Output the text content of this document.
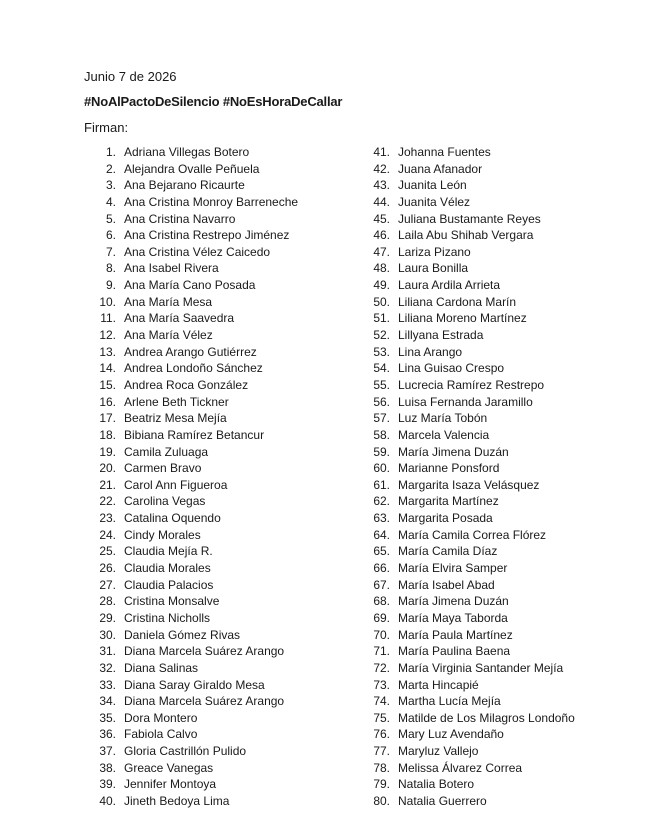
Junio 7 de 2026
#NoAlPactoDeSilencio #NoEsHoraDeCallar
Firman:
1. Adriana Villegas Botero
2. Alejandra Ovalle Peñuela
3. Ana Bejarano Ricaurte
4. Ana Cristina Monroy Barreneche
5. Ana Cristina Navarro
6. Ana Cristina Restrepo Jiménez
7. Ana Cristina Vélez Caicedo
8. Ana Isabel Rivera
9. Ana María Cano Posada
10. Ana María Mesa
11. Ana María Saavedra
12. Ana María Vélez
13. Andrea Arango Gutiérrez
14. Andrea Londoño Sánchez
15. Andrea Roca González
16. Arlene Beth Tickner
17. Beatriz Mesa Mejía
18. Bibiana Ramírez Betancur
19. Camila Zuluaga
20. Carmen Bravo
21. Carol Ann Figueroa
22. Carolina Vegas
23. Catalina Oquendo
24. Cindy Morales
25. Claudia Mejía R.
26. Claudia Morales
27. Claudia Palacios
28. Cristina Monsalve
29. Cristina Nicholls
30. Daniela Gómez Rivas
31. Diana Marcela Suárez Arango
32. Diana Salinas
33. Diana Saray Giraldo Mesa
34. Diana Marcela Suárez Arango
35. Dora Montero
36. Fabiola Calvo
37. Gloria Castrillón Pulido
38. Greace Vanegas
39. Jennifer Montoya
40. Jineth Bedoya Lima
41. Johanna Fuentes
42. Juana Afanador
43. Juanita León
44. Juanita Vélez
45. Juliana Bustamante Reyes
46. Laila Abu Shihab Vergara
47. Lariza Pizano
48. Laura Bonilla
49. Laura Ardila Arrieta
50. Liliana Cardona Marín
51. Liliana Moreno Martínez
52. Lillyana Estrada
53. Lina Arango
54. Lina Guisao Crespo
55. Lucrecia Ramírez Restrepo
56. Luisa Fernanda Jaramillo
57. Luz María Tobón
58. Marcela Valencia
59. María Jimena Duzán
60. Marianne Ponsford
61. Margarita Isaza Velásquez
62. Margarita Martínez
63. Margarita Posada
64. María Camila Correa Flórez
65. María Camila Díaz
66. María Elvira Samper
67. María Isabel Abad
68. María Jimena Duzán
69. María Maya Taborda
70. María Paula Martínez
71. María Paulina Baena
72. María Virginia Santander Mejía
73. Marta Hincapié
74. Martha Lucía Mejía
75. Matilde de Los Milagros Londoño
76. Mary Luz Avendaño
77. Maryluz Vallejo
78. Melissa Álvarez Correa
79. Natalia Botero
80. Natalia Guerrero
